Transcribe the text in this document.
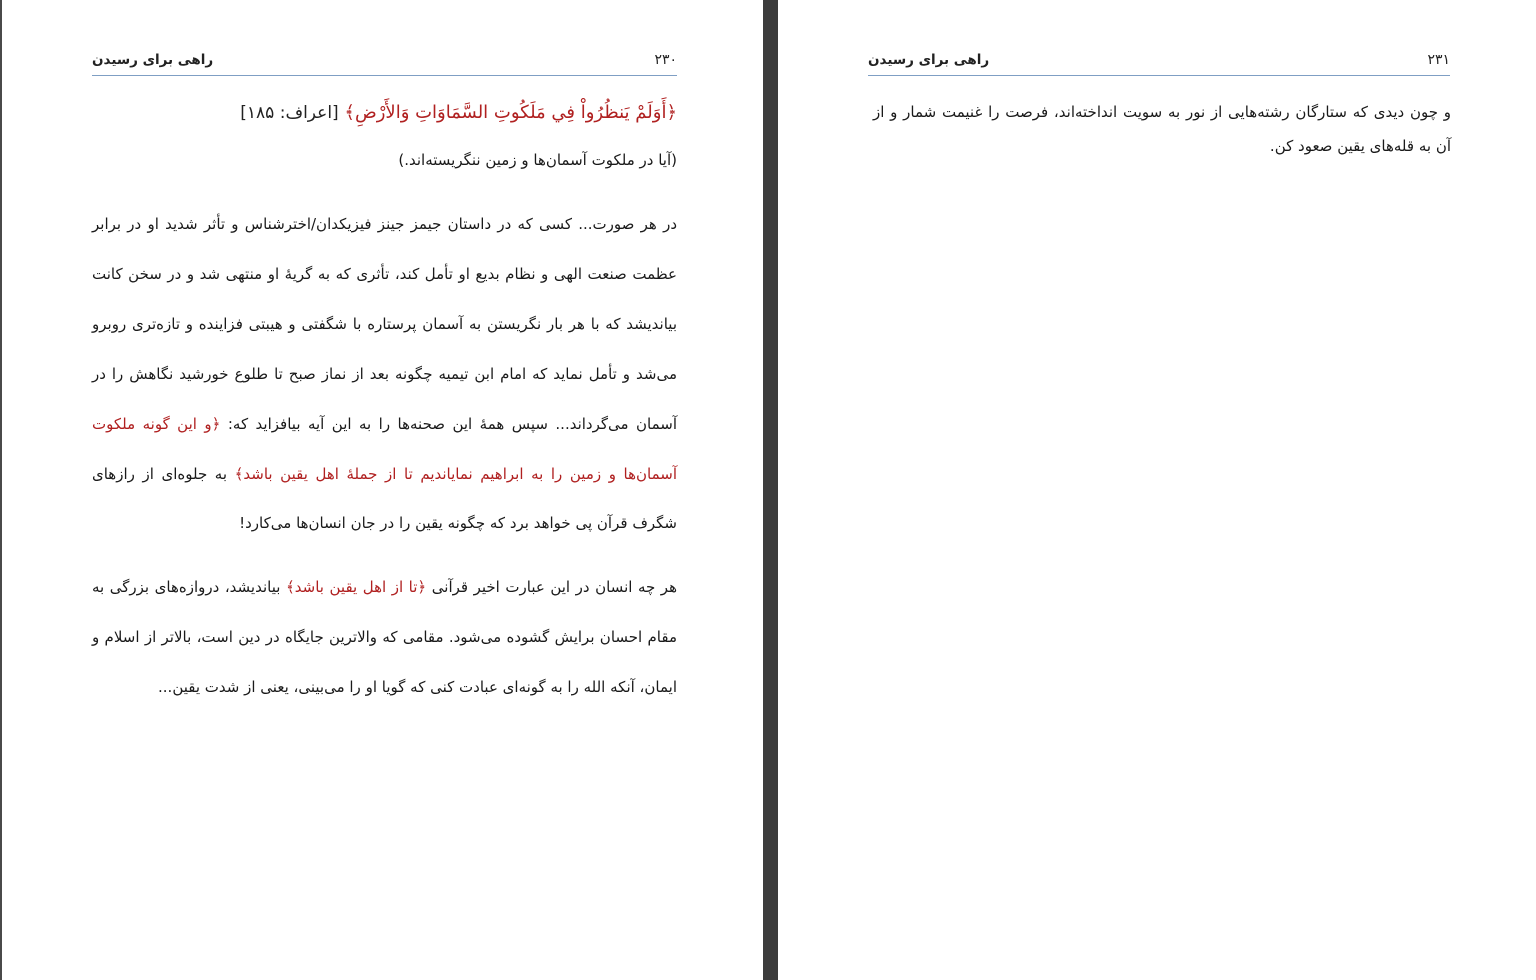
۲۳۰
راهی برای رسیدن

﴿أَوَلَمْ يَنظُرُواْ فِي مَلَكُوتِ السَّمَاوَاتِ وَالأَرْضِ﴾ [اعراف: ۱۸۵]

(آیا در ملکوت آسمان‌ها و زمین ننگریسته‌اند.)

در هر صورت... کسی که در داستان جیمز جینز فیزیکدان/اخترشناس و تأثر شدید او در برابر عظمت صنعت الهی و نظام بدیع او تأمل کند، تأثری که به گریهٔ او منتهی شد و در سخن کانت بیاندیشد که با هر بار نگریستن به آسمان پرستاره با شگفتی و هیبتی فزاینده و تازه‌تری روبرو می‌شد و تأمل نماید که امام ابن تیمیه چگونه بعد از نماز صبح تا طلوع خورشید نگاهش را در آسمان می‌گرداند... سپس همهٔ این صحنه‌ها را به این آیه بیافزاید که: ﴿و این گونه ملکوت آسمان‌ها و زمین را به ابراهیم نماياندیم تا از جملهٔ اهل یقین باشد﴾ به جلوه‌ای از رازهای شگرف قرآن پی خواهد برد که چگونه یقین را در جان انسان‌ها می‌کارد!

هر چه انسان در این عبارت اخیر قرآنی ﴿تا از اهل یقین باشد﴾ بیاندیشد، دروازه‌های بزرگی به مقام احسان برایش گشوده می‌شود. مقامی که والاترین جایگاه در دین است، بالاتر از اسلام و ایمان، آنکه الله را به گونه‌ای عبادت کنی که گویا او را می‌بینی، یعنی از شدت یقین...

۲۳۱
راهی برای رسیدن

و چون دیدی که ستارگان رشته‌هایی از نور به سویت انداخته‌اند، فرصت را غنیمت شمار و از آن به قله‌های یقین صعود کن.
